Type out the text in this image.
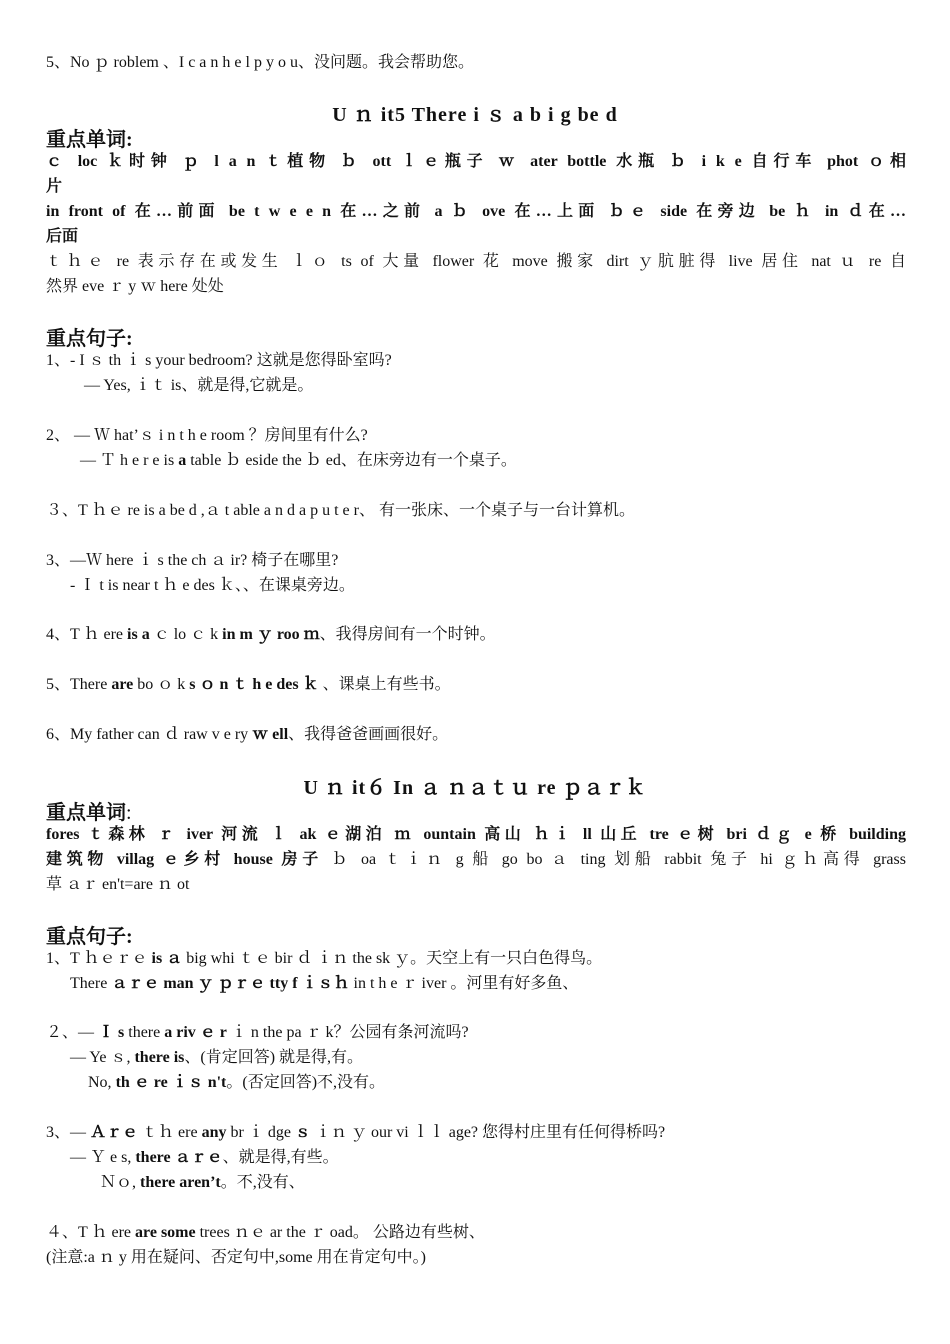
5、No ｐ roblem 、I c a n h e l p y o u、没问题。我会帮助您。
U ｎ it5 There i ｓ a b i g be d
重点单词:
ｃ loc ｋ时钟 ｐ l a n ｔ植物 ｂ ott ｌｅ瓶子 ｗ ater bottle 水瓶 ｂ i k e 自行车 phot ｏ相
片
in front of 在…前面 be t w e e n 在…之前 a ｂ ove 在…上面 ｂｅ side 在旁边 be ｈ in ｄ在…
后面
ｔｈｅ re 表示存在或发生 ｌｏ ts of 大量 flower 花 move 搬家 dirt ｙ肮脏得 live 居住 nat ｕ re 自
然界 eve ｒ y ｗ here 处处
重点句子:
1、- I ｓ th ｉ s your bedroom? 这就是您得卧室吗?
— Yes, ｉｔ is、就是得,它就是。
2、 — Ｗ hat’ｓ i n t h e room ？房间里有什么?
— Ｔ h e r e is a table ｂ eside the ｂ ed、在床旁边有一个桌子。
３、T ｈｅ re is a be d ,ａ t able a n d a p u t e r、 有一张床、一个桌子与一台计算机。
3、—Ｗ here ｉ s the ch ａ ir? 椅子在哪里?
- Ｉ t is near t ｈ e des ｋ、、在课桌旁边。
4、T ｈ ere is a ｃ lo ｃ k in m ｙ roo ｍ、我得房间有一个时钟。
5、There are bo ｏ k s ｏ n ｔ h e des ｋ 、课桌上有些书。
6、My father can ｄ raw v e ry ｗ ell、我得爸爸画画很好。
U ｎ it６ In ａ ｎａｔｕ re ｐａｒｋ
重点单词:
fores ｔ森林 ｒ iver 河流 ｌ ak ｅ湖泊 ｍ ountain 高山 ｈｉ ll 山丘 tre ｅ树 bri ｄｇ e 桥 building
建筑物 villag ｅ乡村 house 房子 ｂ oa ｔｉｎ g 船 go bo ａ ting 划船 rabbit 兔子 hi ｇｈ高得 grass
草 ａｒ en't=are ｎ ot
重点句子:
1、T ｈｅｒｅ is ａ big whi ｔｅ bir ｄ ｉｎ the sk ｙ。天空上有一只白色得鸟。
There ａｒｅ man ｙ ｐｒｅ tty f ｉｓｈ in t h e ｒ iver 。河里有好多鱼、
２、— Ｉ s there a riv ｅ r ｉ n the pa ｒ k？公园有条河流吗?
— Ye ｓ, there is、(肯定回答) 就是得,有。
No, th ｅ re ｉｓ n't。(否定回答)不,没有。
3、— Ａｒｅ ｔｈ ere any br ｉ dge ｓ ｉｎ ｙ our vi ｌｌ age? 您得村庄里有任何得桥吗?
— Ｙ e s, there ａｒｅ、就是得,有些。
Ｎｏ, there aren’t。不,没有、
４、T ｈ ere are some trees ｎｅ ar the ｒ oad。 公路边有些树、
(注意:a ｎ y 用在疑问、否定句中,some 用在肯定句中。)
